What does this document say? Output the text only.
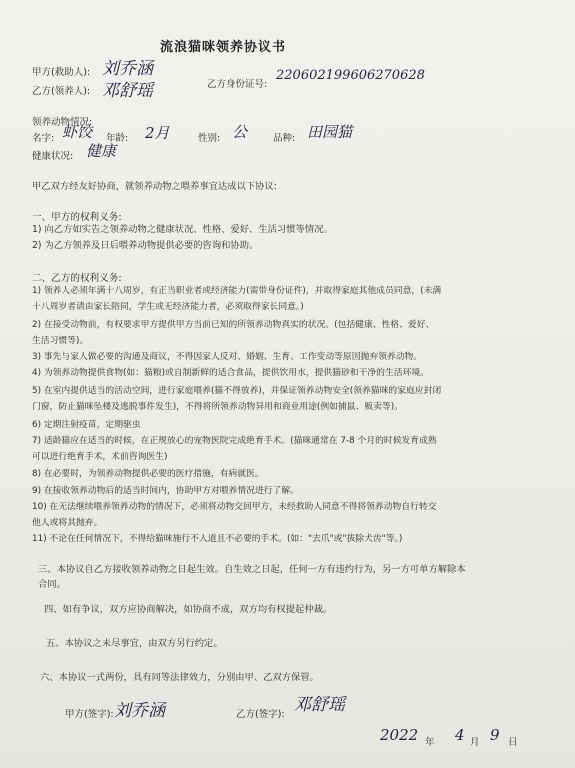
流浪猫咪领养协议书
甲方(救助人): 刘乔涵
乙方(领养人): 邓舒瑶	乙方身份证号:
220602199606270628
领养动物情况:
名字: 虾饺 年龄: 2月	性别: 公	品种: 田园猫
健康状况: 健康
甲乙双方经友好协商，就领养动物之喂养事宜达成以下协议:
一、甲方的权利义务:
1) 向乙方如实告之领养动物之健康状况、性格、爱好、生活习惯等情况。
2) 为乙方领养及日后喂养动物提供必要的咨询和协助。
二、乙方的权利义务:
1) 领养人必须年满十八周岁，有正当职业者或经济能力(需带身份证件)，并取得家庭其他成员同意，(未满
十八周岁者请由家长陪同，学生或无经济能力者，必须取得家长同意。)
2) 在接受动物前，有权要求甲方提供甲方当前已知的所领养动物真实的状况。(包括健康、性格、爱好、
生活习惯等)。
3) 事先与家人做必要的沟通及商议，不得因家人反对、婚姻、生育、工作变动等原因抛弃领养动物。
4) 为领养动物提供食物(如：猫粮)或自制新鲜的适合食品，提供饮用水，提供猫砂和干净的生活环境。
5) 在室内提供适当的活动空间，进行家庭喂养(猫不得放养)，并保证领养动物安全(领养猫咪的家庭应封闭
门窗，防止猫咪坠楼及逃脱事件发生)，不得将所领养动物异用和商业用途(例如捕鼠、贩卖等)。
6) 定期注射疫苗，定期驱虫
7) 适龄猫应在适当的时候，在正规放心的宠物医院完成绝育手术。(猫咪通常在 7-8 个月的时候发育成熟
可以进行绝育手术，术前咨询医生)
8) 在必要时，为领养动物提供必要的医疗措施，有病就医。
9) 在接收领养动物后的适当时间内，协助甲方对喂养情况进行了解。
10) 在无法继续喂养领养动物的情况下，必须将动物交回甲方，未经救助人同意不得将领养动物自行转交
他人或将其抛弃。
11) 不论在任何情况下，不得给猫咪施行不人道且不必要的手术。(如："去爪"或"拔除犬齿"等。)
三、本协议自乙方接收领养动物之日起生效。自生效之日起，任何一方有违约行为，另一方可单方解除本
合同。
四、如有争议，双方应协商解决，如协商不成，双方均有权提起仲裁。
五、本协议之未尽事宜，由双方另行约定。
六、本协议一式两份，具有同等法律效力，分别由甲、乙双方保管。
甲方(签字): 刘乔涵	乙方(签字): 邓舒瑶
2022 年 4 月 9 日
